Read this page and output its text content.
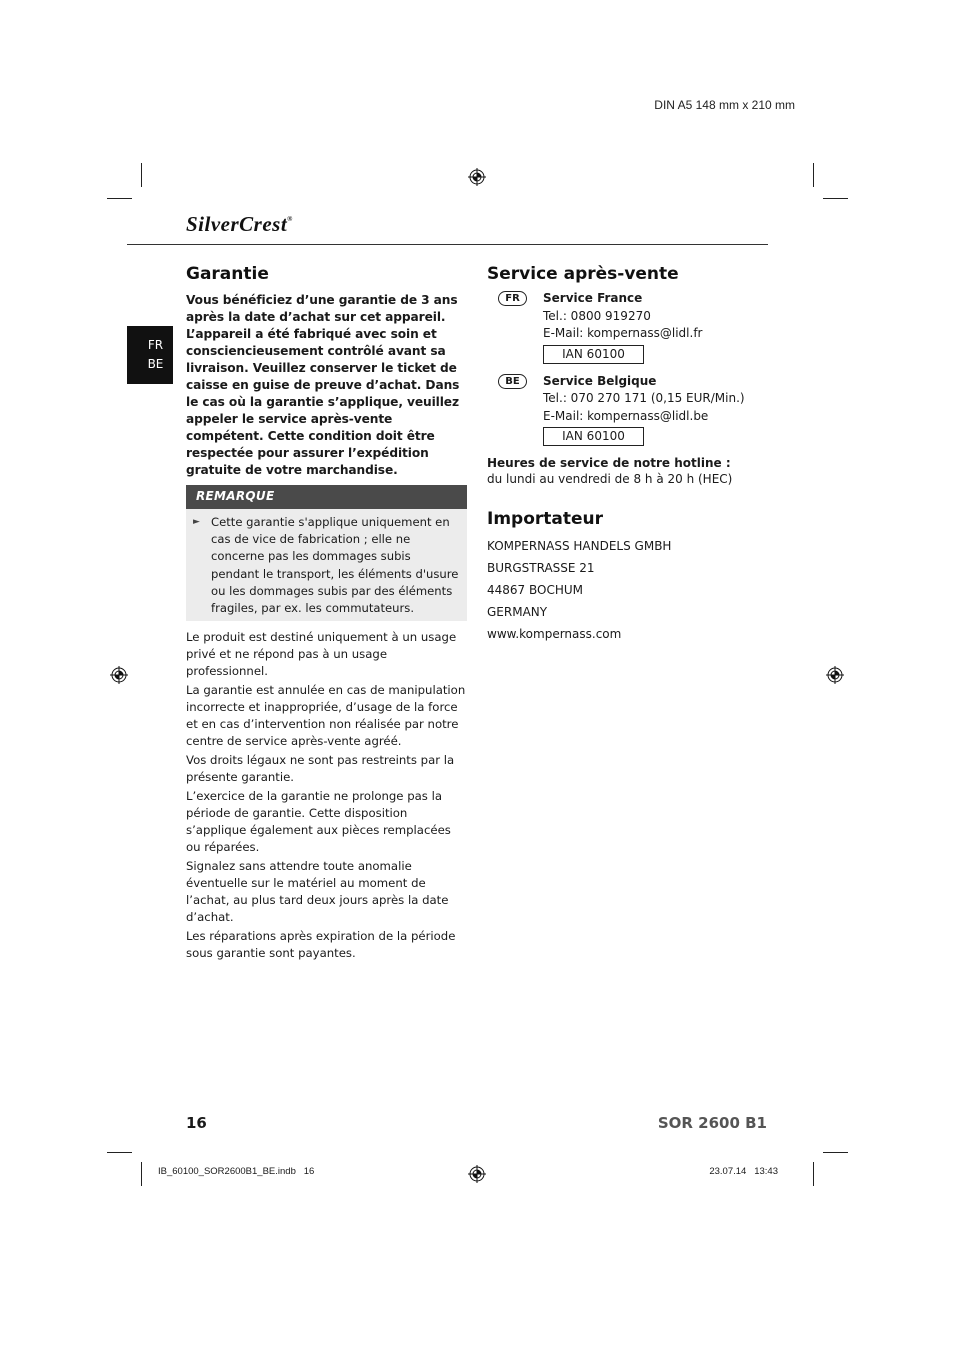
DIN A5 148 mm x 210 mm
SilverCrest®
FR
BE
Garantie

Vous bénéficiez d’une garantie de 3 ans après la date d’achat sur cet appareil. L’appareil a été fabriqué avec soin et consciencieusement contrôlé avant sa livraison. Veuillez conserver le ticket de caisse en guise de preuve d’achat. Dans le cas où la garantie s’applique, veuillez appeler le service après-vente compétent. Cette condition doit être respectée pour assurer l’expédition gratuite de votre marchandise.

REMARQUE
► Cette garantie s'applique uniquement en cas de vice de fabrication ; elle ne concerne pas les dommages subis pendant le transport, les éléments d'usure ou les dommages subis par des éléments fragiles, par ex. les commutateurs.

Le produit est destiné uniquement à un usage privé et ne répond pas à un usage professionnel.

La garantie est annulée en cas de manipulation incorrecte et inappropriée, d’usage de la force et en cas d’intervention non réalisée par notre centre de service après-vente agréé.

Vos droits légaux ne sont pas restreints par la présente garantie.

L’exercice de la garantie ne prolonge pas la période de garantie. Cette disposition s’applique également aux pièces remplacées ou réparées.

Signalez sans attendre toute anomalie éventuelle sur le matériel au moment de l’achat, au plus tard deux jours après la date d’achat.

Les réparations après expiration de la période sous garantie sont payantes.

Service après-vente
FR	Service France
Tel.: 0800 919270
E-Mail: kompernass@lidl.fr
IAN 60100
BE	Service Belgique
Tel.: 070 270 171 (0,15 EUR/Min.)
E-Mail: kompernass@lidl.be
IAN 60100
Heures de service de notre hotline :
du lundi au vendredi de 8 h à 20 h (HEC)
Importateur
KOMPERNASS HANDELS GMBH
BURGSTRASSE 21
44867 BOCHUM
GERMANY
www.kompernass.com
16	SOR 2600 B1
IB_60100_SOR2600B1_BE.indb   16	23.07.14   13:43
